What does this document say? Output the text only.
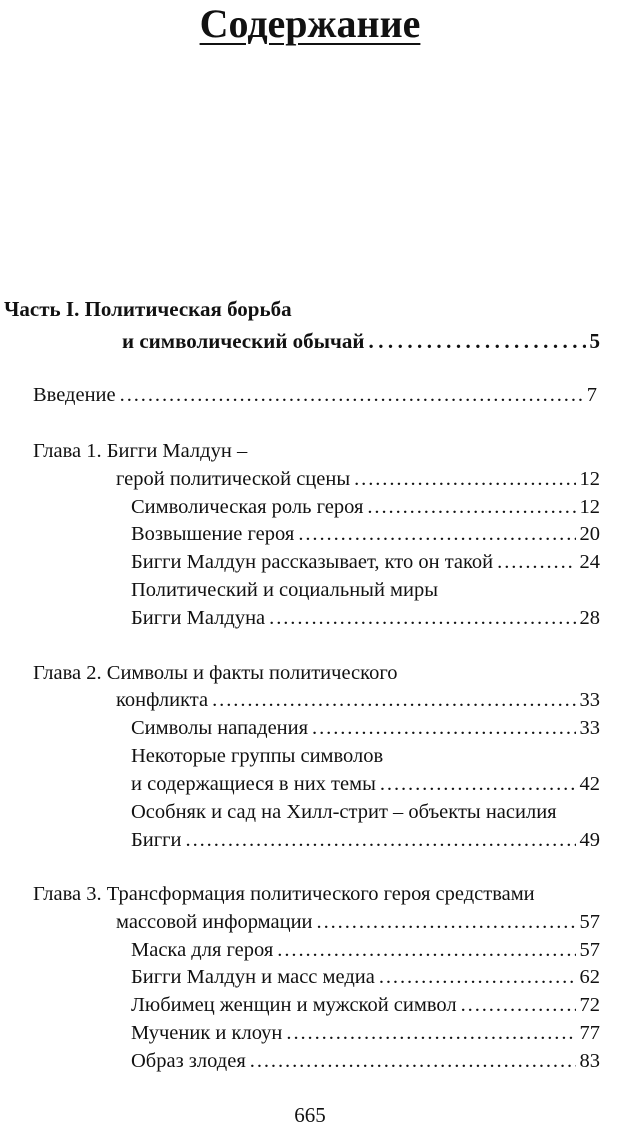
Содержание
Часть I. Политическая борьба
и символический обычай . . .	5
Введение . . .	7
Глава 1. Бигги Малдун –
герой политической сцены . . .	12
Символическая роль героя . . .	12
Возвышение героя . . .	20
Бигги Малдун рассказывает, кто он такой . . .	24
Политический и социальный миры
Бигги Малдуна . . .	28
Глава 2. Символы и факты политического
конфликта . . .	33
Символы нападения . . .	33
Некоторые группы символов
и содержащиеся в них темы . . .	42
Особняк и сад на Хилл-стрит – объекты насилия
Бигги . . .	49
Глава 3. Трансформация политического героя средствами
массовой информации . . .	57
Маска для героя . . .	57
Бигги Малдун и масс медиа . . .	62
Любимец женщин и мужской символ . . .	72
Мученик и клоун . . .	77
Образ злодея . . .	83
665
